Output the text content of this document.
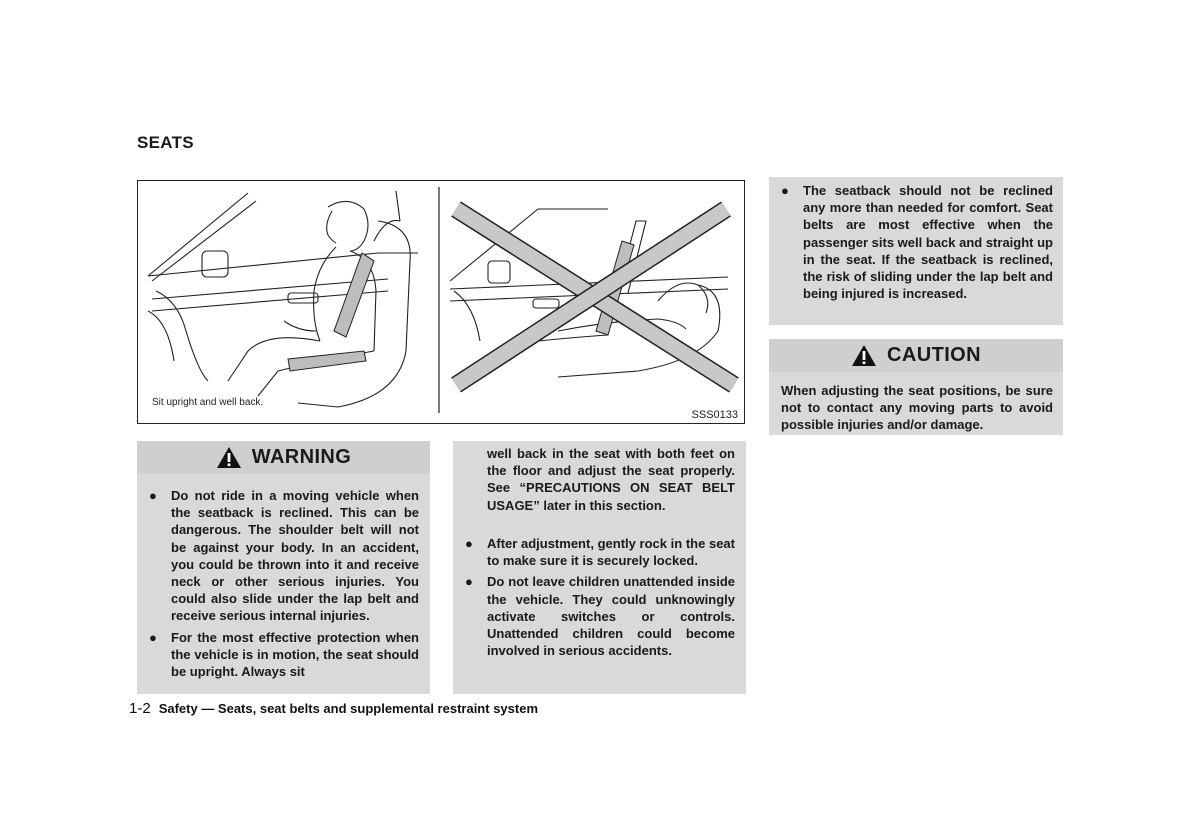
SEATS
Sit upright and well back.
SSS0133
WARNING
● Do not ride in a moving vehicle when the seatback is reclined. This can be dangerous. The shoulder belt will not be against your body. In an accident, you could be thrown into it and receive neck or other serious injuries. You could also slide under the lap belt and receive serious internal injuries.
● For the most effective protection when the vehicle is in motion, the seat should be upright. Always sit
well back in the seat with both feet on the floor and adjust the seat properly. See “PRECAUTIONS ON SEAT BELT USAGE” later in this section.
● After adjustment, gently rock in the seat to make sure it is securely locked.
● Do not leave children unattended inside the vehicle. They could unknowingly activate switches or controls. Unattended children could become involved in serious accidents.
● The seatback should not be reclined any more than needed for comfort. Seat belts are most effective when the passenger sits well back and straight up in the seat. If the seatback is reclined, the risk of sliding under the lap belt and being injured is increased.
CAUTION
When adjusting the seat positions, be sure not to contact any moving parts to avoid possible injuries and/or damage.
1-2 Safety — Seats, seat belts and supplemental restraint system
